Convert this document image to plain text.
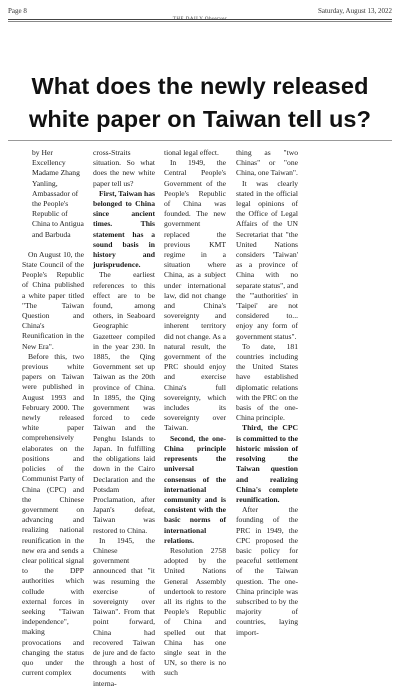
Page 8	Saturday, August 13, 2022
What does the newly released white paper on Taiwan tell us?

by Her Excellency Madame Zhang Yanling, Ambassador of the People's Republic of China to Antigua and Barbuda

On August 10, the State Council of the People's Republic of China published a white paper titled "The Taiwan Question and China's Reunification in the New Era".

Before this, two previous white papers on Taiwan were published in August 1993 and February 2000. The newly released white paper comprehensively elaborates on the positions and policies of the Communist Party of China (CPC) and the Chinese government on advancing and realizing national reunification in the new era and sends a clear political signal to the DPP authorities which collude with external forces in seeking "Taiwan independence", making provocations and changing the status quo under the current complex

cross-Straits situation. So what does the new white paper tell us?

First, Taiwan has belonged to China since ancient times. This statement has a sound basis in history and jurisprudence.

The earliest references to this effect are to be found, among others, in Seaboard Geographic Gazetteer compiled in the year 230. In 1885, the Qing Government set up Taiwan as the 20th province of China. In 1895, the Qing government was forced to cede Taiwan and the Penghu Islands to Japan. In fulfilling the obligations laid down in the Cairo Declaration and the Potsdam Proclamation, after Japan's defeat, Taiwan was restored to China.

In 1945, the Chinese government announced that "it was resuming the exercise of sovereignty over Taiwan". From that point forward, China had recovered Taiwan de jure and de facto through a host of documents with interna-

tional legal effect.

In 1949, the Central People's Government of the People's Republic of China was founded. The new government replaced the previous KMT regime in a situation where China, as a subject under international law, did not change and China's sovereignty and inherent territory did not change. As a natural result, the government of the PRC should enjoy and exercise China's full sovereignty, which includes its sovereignty over Taiwan.

Second, the one-China principle represents the universal consensus of the international community and is consistent with the basic norms of international relations.

Resolution 2758 adopted by the United Nations General Assembly undertook to restore all its rights to the People's Republic of China and spelled out that China has one single seat in the UN, so there is no such

thing as "two Chinas" or "one China, one Taiwan".

It was clearly stated in the official legal opinions of the Office of Legal Affairs of the UN Secretariat that "the United Nations considers 'Taiwan' as a province of China with no separate status", and the "'authorities' in 'Taipei' are not considered to... enjoy any form of government status".

To date, 181 countries including the United States have established diplomatic relations with the PRC on the basis of the one-China principle.

Third, the CPC is committed to the historic mission of resolving the Taiwan question and realizing China's complete reunification.

After the founding of the PRC in 1949, the CPC proposed the basic policy for peaceful settlement of the Taiwan question. The one-China principle was subscribed to by the majority of countries, laying import-
